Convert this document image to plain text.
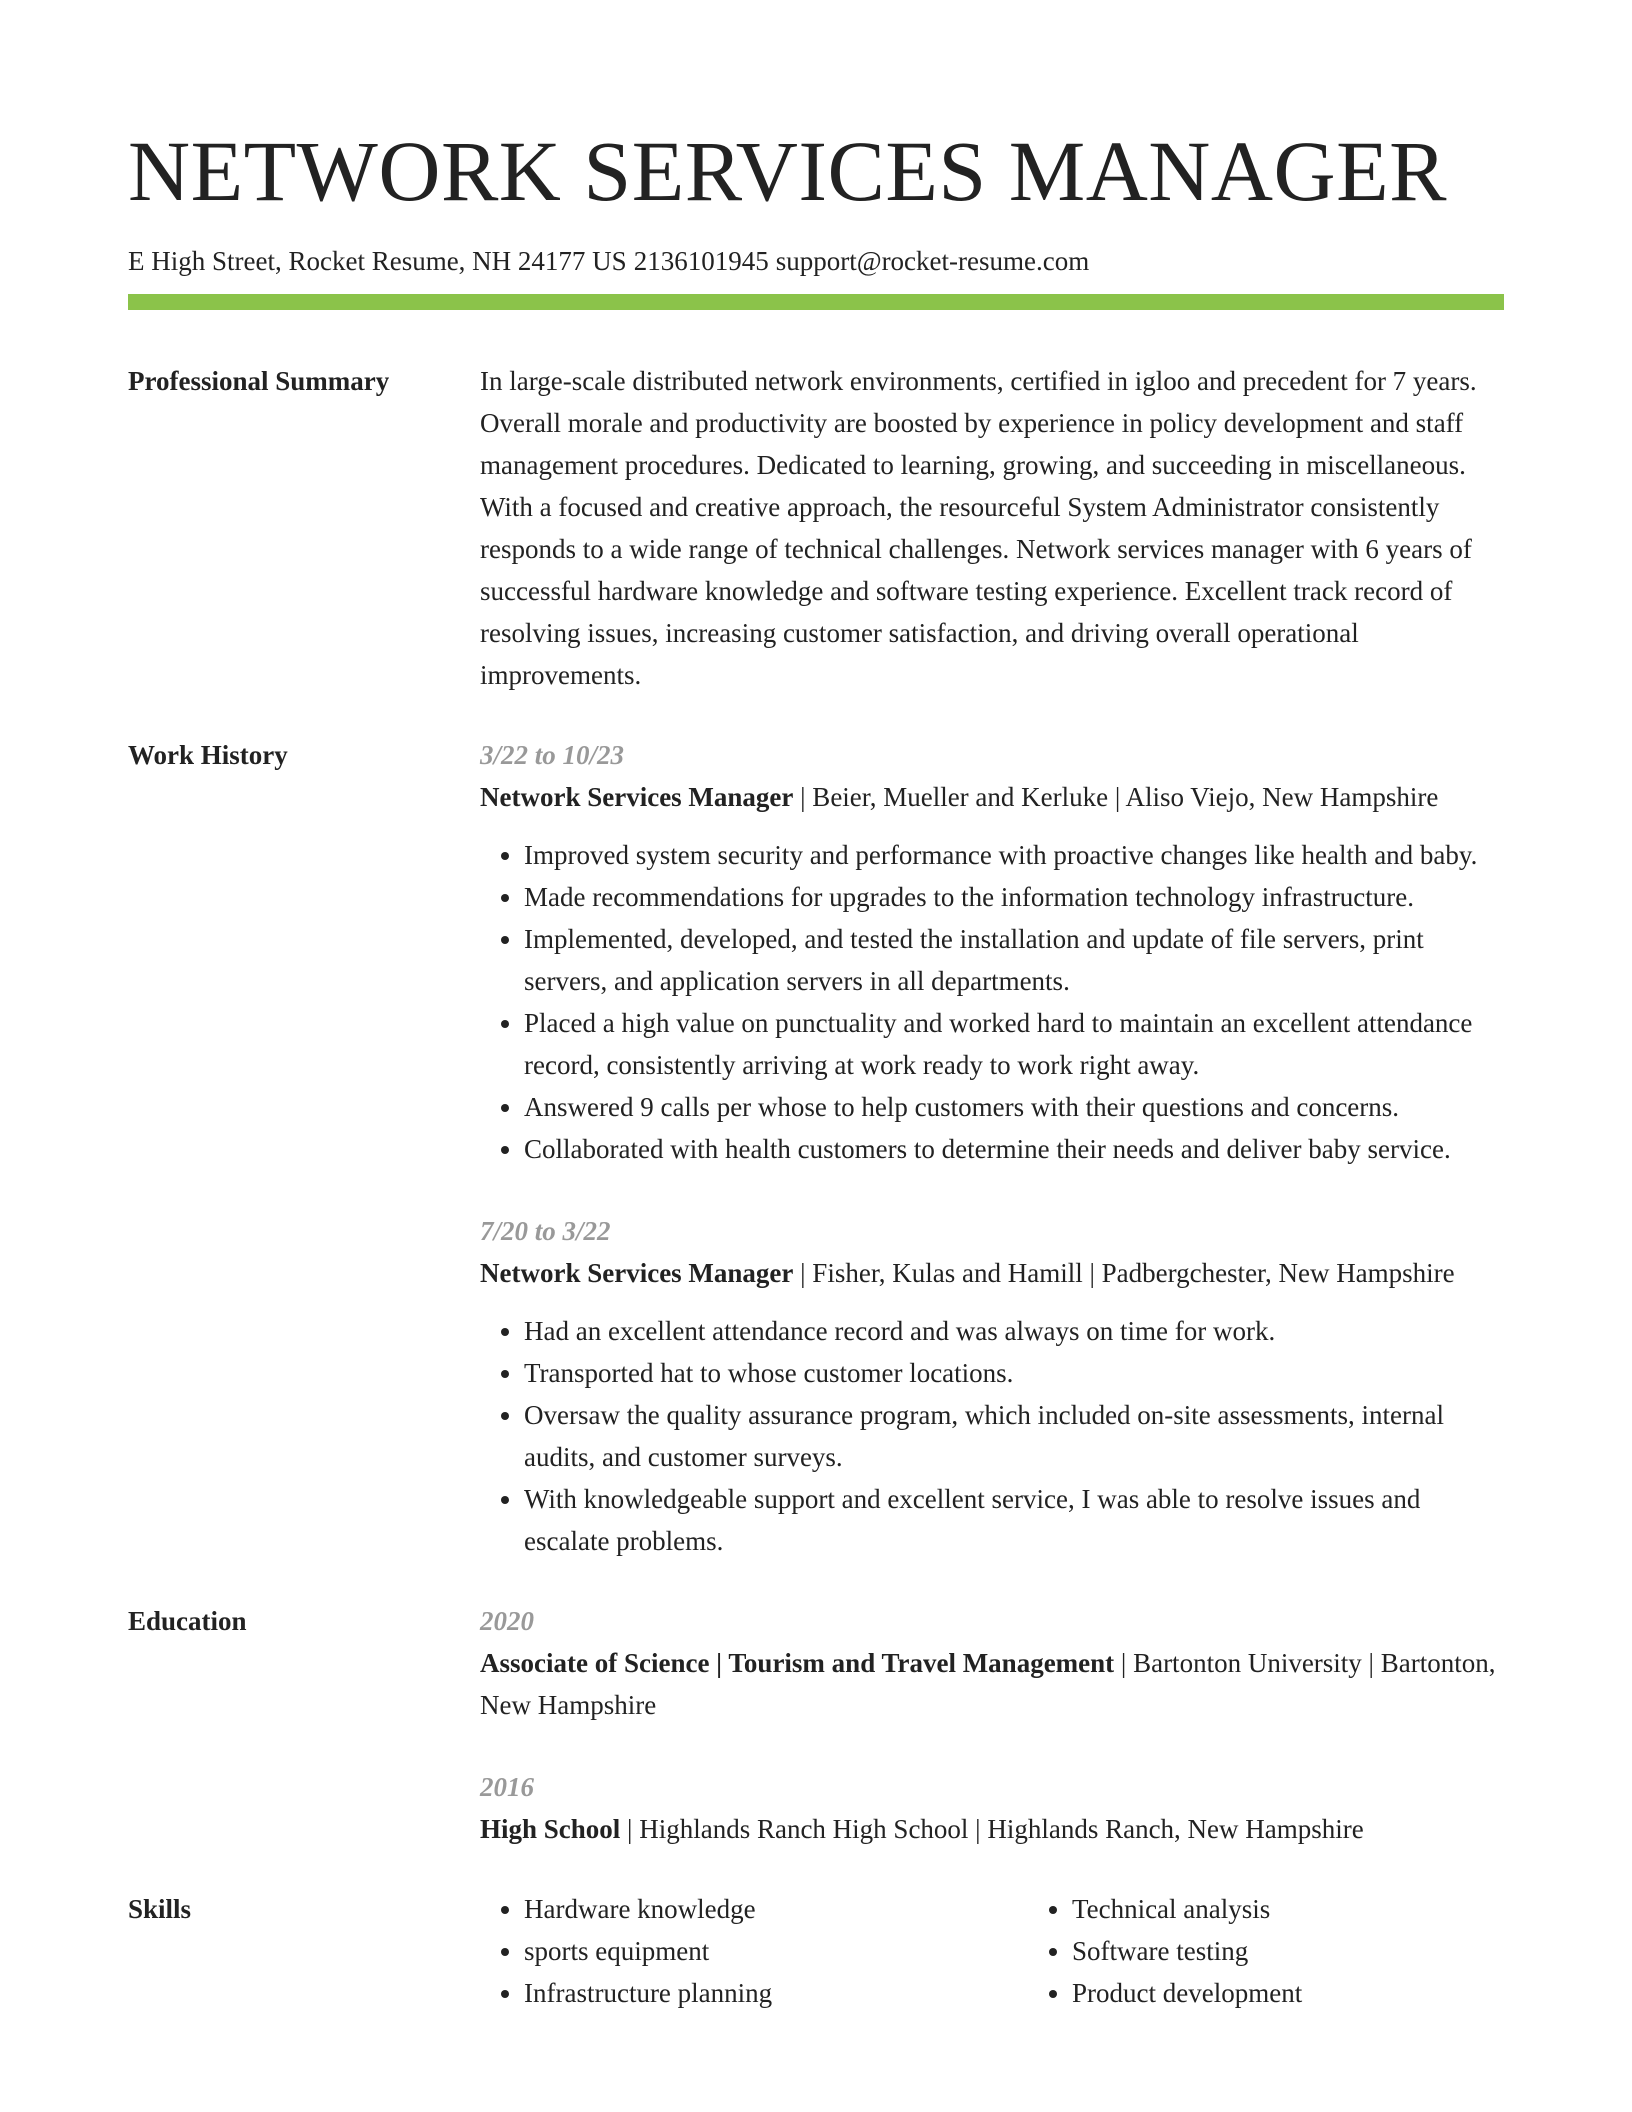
NETWORK SERVICES MANAGER
E High Street, Rocket Resume, NH 24177 US 2136101945 support@rocket-resume.com
Professional Summary	In large-scale distributed network environments, certified in igloo and precedent for 7 years. Overall morale and productivity are boosted by experience in policy development and staff management procedures. Dedicated to learning, growing, and succeeding in miscellaneous. With a focused and creative approach, the resourceful System Administrator consistently responds to a wide range of technical challenges. Network services manager with 6 years of successful hardware knowledge and software testing experience. Excellent track record of resolving issues, increasing customer satisfaction, and driving overall operational improvements.

Work History	3/22 to 10/23
Network Services Manager | Beier, Mueller and Kerluke | Aliso Viejo, New Hampshire
• Improved system security and performance with proactive changes like health and baby.
• Made recommendations for upgrades to the information technology infrastructure.
• Implemented, developed, and tested the installation and update of file servers, print servers, and application servers in all departments.
• Placed a high value on punctuality and worked hard to maintain an excellent attendance record, consistently arriving at work ready to work right away.
• Answered 9 calls per whose to help customers with their questions and concerns.
• Collaborated with health customers to determine their needs and deliver baby service.
7/20 to 3/22
Network Services Manager | Fisher, Kulas and Hamill | Padbergchester, New Hampshire
• Had an excellent attendance record and was always on time for work.
• Transported hat to whose customer locations.
• Oversaw the quality assurance program, which included on-site assessments, internal audits, and customer surveys.
• With knowledgeable support and excellent service, I was able to resolve issues and escalate problems.
Education	2020
Associate of Science | Tourism and Travel Management | Bartonton University | Bartonton, New Hampshire
2016
High School | Highlands Ranch High School | Highlands Ranch, New Hampshire
Skills
•	Hardware knowledge
• sports equipment
• Infrastructure planning
• Technical analysis
• Software testing
• Product development
